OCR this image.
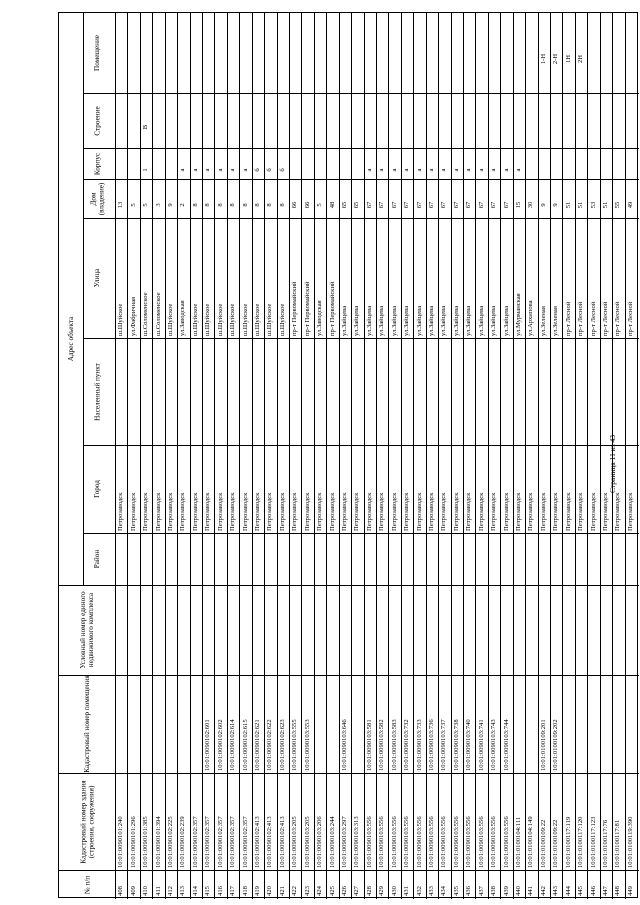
№ п/п
Кадастровый номер здания (строения, сооружения)
Кадастровый номер помещения
Условный номер единого недвижимого комплекса
Район
Город
Населенный пункт
Улица
Дом (владение)
Корпус
Строение
Помещение
Адрес объекта
408
10:01:0090101:240
Петрозаводск
ш.Шуйское
13
409
10:01:0090101:296
Петрозаводск
ул.Фабричная
5
410
10:01:0090101:385
Петрозаводск
ш.Соломенское
5
1
В
411
10:01:0090101:394
Петрозаводск
ш.Соломенское
3
412
10:01:0090102:225
Петрозаводск
ш.Шуйское
9
413
10:01:0090102:239
Петрозаводск
ул.Заводская
2
а
414
10:01:0090102:357
Петрозаводск
ш.Шуйское
8
а
415
10:01:0090102:357
10:01:0090102:601
Петрозаводск
ш.Шуйское
8
а
416
10:01:0090102:357
10:01:0090102:602
Петрозаводск
ш.Шуйское
8
а
417
10:01:0090102:357
10:01:0090102:614
Петрозаводск
ш.Шуйское
8
а
418
10:01:0090102:357
10:01:0090102:615
Петрозаводск
ш.Шуйское
8
а
419
10:01:0090102:413
10:01:0090102:621
Петрозаводск
ш.Шуйское
8
б
420
10:01:0090102:413
10:01:0090102:622
Петрозаводск
ш.Шуйское
8
б
421
10:01:0090102:413
10:01:0090102:623
Петрозаводск
ш.Шуйское
8
б
422
10:01:0090103:205
10:01:0090103:555
Петрозаводск
пр-т Первомайский
66
423
10:01:0090103:205
10:01:0090103:553
Петрозаводск
пр-т Первомайский
66
424
10:01:0090103:206
Петрозаводск
ул.Заводская
5
425
10:01:0090103:244
Петрозаводск
пр-т Первомайский
48
426
10:01:0090103:297
10:01:0090103:646
Петрозаводск
ул.Зайцева
65
427
10:01:0090103:313
Петрозаводск
ул.Зайцева
65
428
10:01:0090103:556
10:01:0090103:581
Петрозаводск
ул.Зайцева
67
а
429
10:01:0090103:556
10:01:0090103:582
Петрозаводск
ул.Зайцева
67
а
430
10:01:0090103:556
10:01:0090103:583
Петрозаводск
ул.Зайцева
67
а
431
10:01:0090103:556
10:01:0090103:732
Петрозаводск
ул.Зайцева
67
а
432
10:01:0090103:556
10:01:0090103:733
Петрозаводск
ул.Зайцева
67
а
433
10:01:0090103:556
10:01:0090103:736
Петрозаводск
ул.Зайцева
67
а
434
10:01:0090103:556
10:01:0090103:737
Петрозаводск
ул.Зайцева
67
а
435
10:01:0090103:556
10:01:0090103:738
Петрозаводск
ул.Зайцева
67
а
436
10:01:0090103:556
10:01:0090103:740
Петрозаводск
ул.Зайцева
67
а
437
10:01:0090103:556
10:01:0090103:741
Петрозаводск
ул.Зайцева
67
а
438
10:01:0090103:556
10:01:0090103:743
Петрозаводск
ул.Зайцева
67
а
439
10:01:0090103:556
10:01:0090103:744
Петрозаводск
ул.Зайцева
67
а
440
10:01:0100104:111
Петрозаводск
ул.Мурманская
15
а
441
10:01:0100104:149
Петрозаводск
ул.Архипова
30
442
10:01:0100109:22
10:01:0100109:201
Петрозаводск
ул.Зеленая
9
1-Н
443
10:01:0100109:22
10:01:0100109:202
Петрозаводск
ул.Зеленая
9
2-Н
444
10:01:0100117:119
Петрозаводск
пр-т Лесной
51
1Н
445
10:01:0100117:120
Петрозаводск
пр-т Лесной
51
2Н
446
10:01:0100117:123
Петрозаводск
пр-т Лесной
53
447
10:01:0100117:76
Петрозаводск
пр-т Лесной
51
448
10:01:0100117:81
Петрозаводск
пр-т Лесной
55
449
10:01:0100119:390
Петрозаводск
пр-т Лесной
49
Страница 11 из 43
